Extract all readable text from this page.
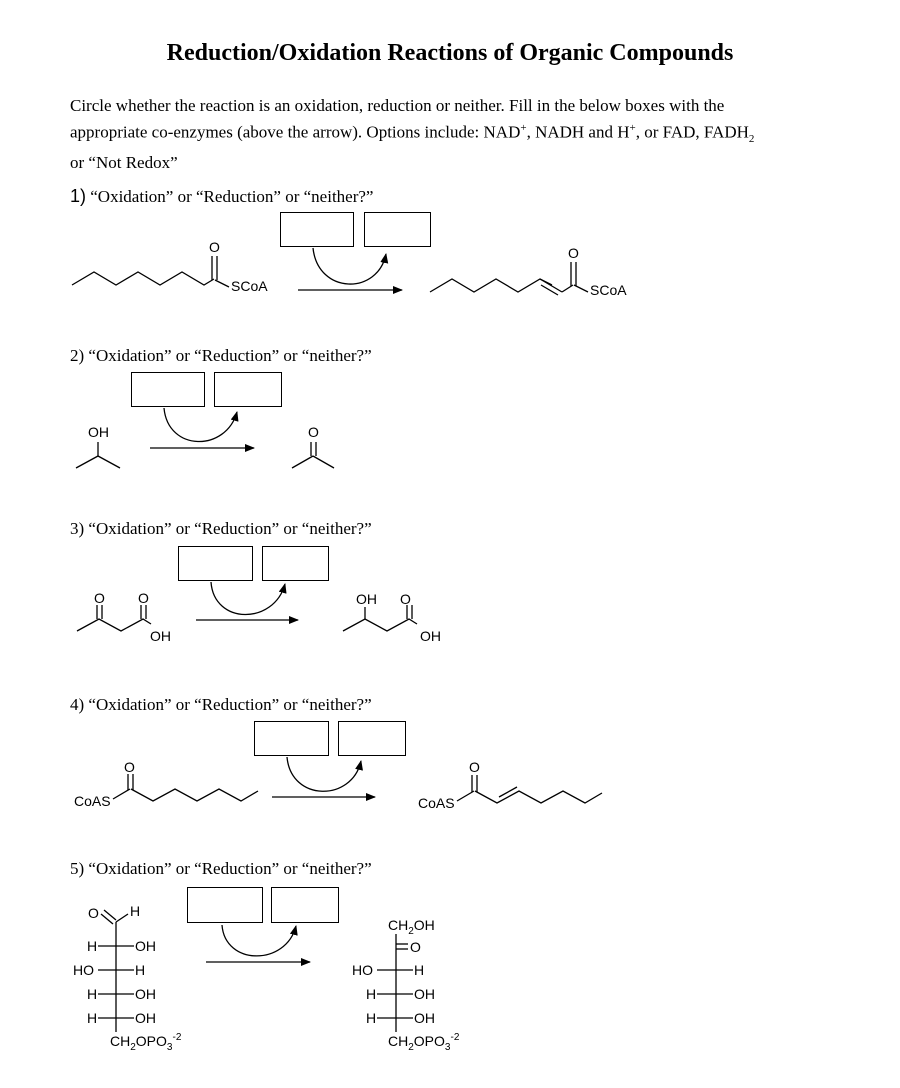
Reduction/Oxidation Reactions of Organic Compounds
Circle whether the reaction is an oxidation, reduction or neither. Fill in the below boxes with the
appropriate co-enzymes (above the arrow). Options include: NAD+, NADH and H+, or FAD, $FADH_2$
or “Not Redox”
1) “Oxidation” or “Reduction” or “neither?”
2) “Oxidation” or “Reduction” or “neither?”
3) “Oxidation” or “Reduction” or “neither?”
4) “Oxidation” or “Reduction” or “neither?”
5) “Oxidation” or “Reduction” or “neither?”
O
SCoA
O
SCoA
OH	O
O O
OH
OH O
OH
CoAS
O
CoAS
O
O H
H	OH
HO	H
H	OH
H	OH
$CH_2OPO_3^{-2}$
$CH_2OH$
O
HO	H
H	OH
H	OH
$CH_2OPO_3^{-2}$
